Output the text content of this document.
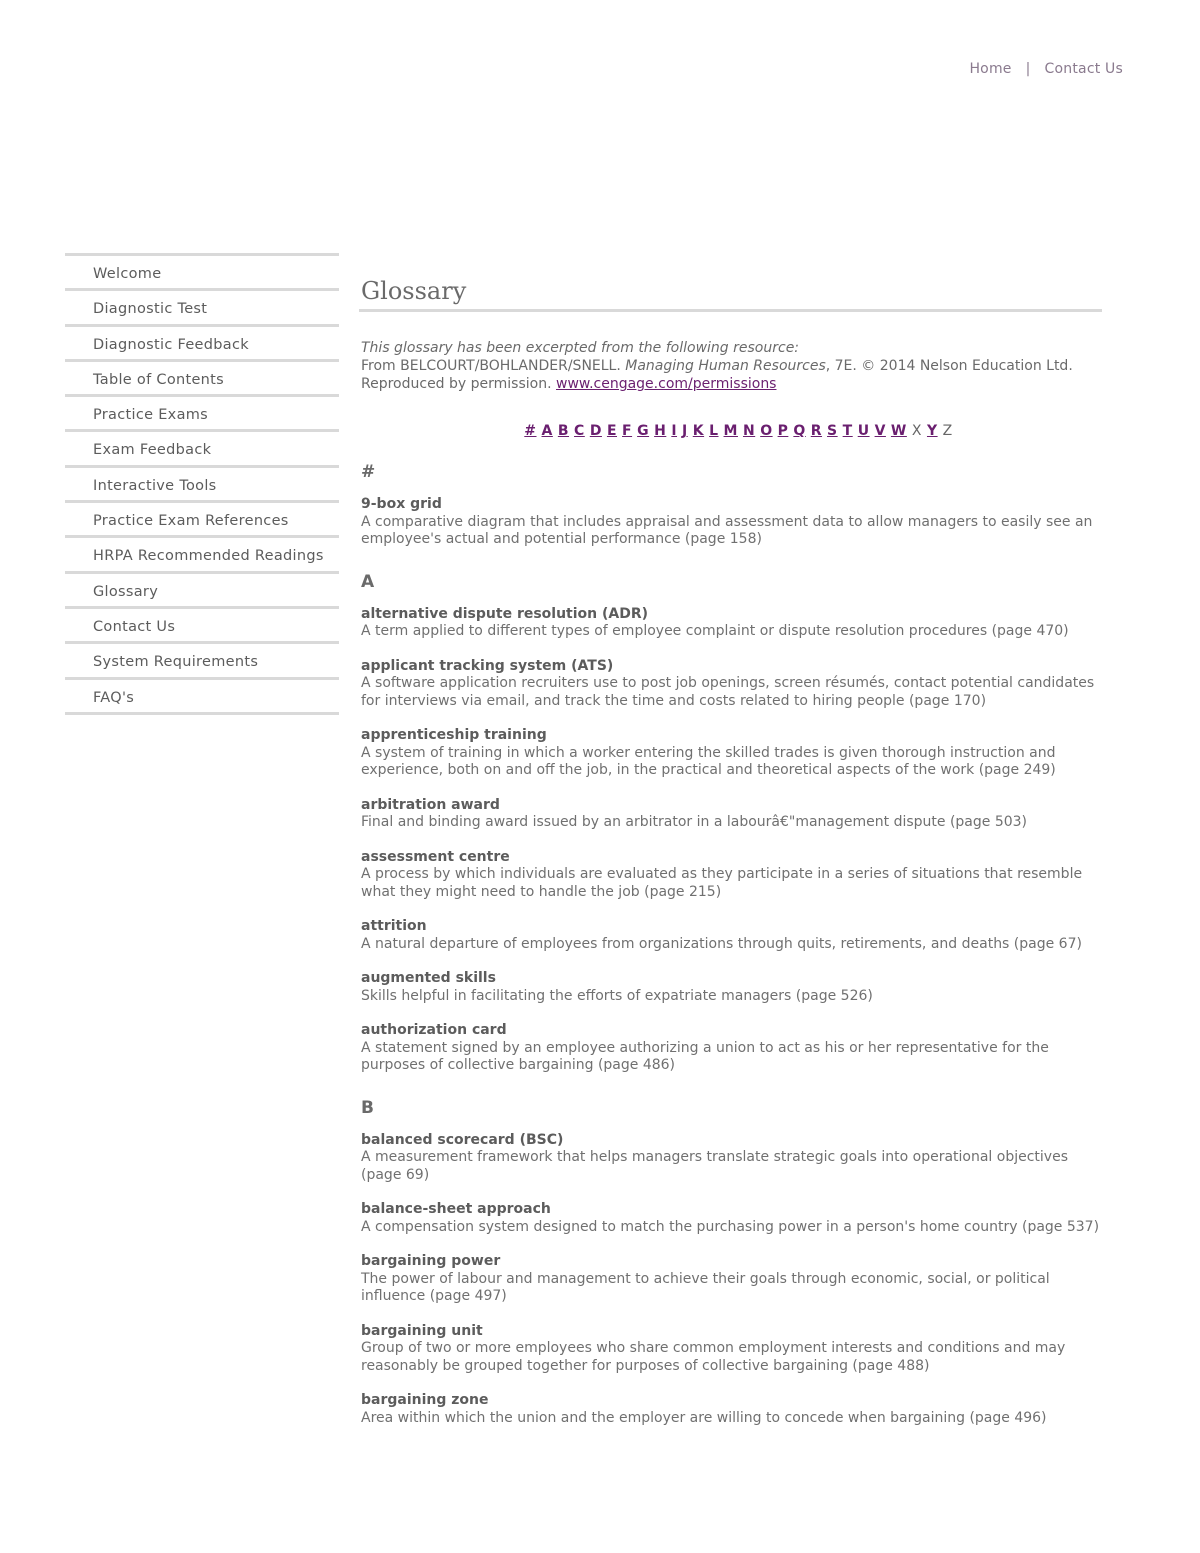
Home | Contact Us
Welcome
Diagnostic Test
Diagnostic Feedback
Table of Contents
Practice Exams
Exam Feedback
Interactive Tools
Practice Exam References
HRPA Recommended Readings
Glossary
Contact Us
System Requirements
FAQ's
Glossary
This glossary has been excerpted from the following resource:
From BELCOURT/BOHLANDER/SNELL. Managing Human Resources, 7E. © 2014 Nelson Education Ltd. Reproduced by permission. www.cengage.com/permissions
# A B C D E F G H I J K L M N O P Q R S T U V W X Y Z
#
9-box grid
A comparative diagram that includes appraisal and assessment data to allow managers to easily see an employee's actual and potential performance (page 158)
A
alternative dispute resolution (ADR)
A term applied to different types of employee complaint or dispute resolution procedures (page 470)
applicant tracking system (ATS)
A software application recruiters use to post job openings, screen résumés, contact potential candidates for interviews via email, and track the time and costs related to hiring people (page 170)
apprenticeship training
A system of training in which a worker entering the skilled trades is given thorough instruction and experience, both on and off the job, in the practical and theoretical aspects of the work (page 249)
arbitration award
Final and binding award issued by an arbitrator in a labourâ€"management dispute (page 503)
assessment centre
A process by which individuals are evaluated as they participate in a series of situations that resemble what they might need to handle the job (page 215)
attrition
A natural departure of employees from organizations through quits, retirements, and deaths (page 67)
augmented skills
Skills helpful in facilitating the efforts of expatriate managers (page 526)
authorization card
A statement signed by an employee authorizing a union to act as his or her representative for the purposes of collective bargaining (page 486)
B
balanced scorecard (BSC)
A measurement framework that helps managers translate strategic goals into operational objectives (page 69)
balance-sheet approach
A compensation system designed to match the purchasing power in a person's home country (page 537)
bargaining power
The power of labour and management to achieve their goals through economic, social, or political influence (page 497)
bargaining unit
Group of two or more employees who share common employment interests and conditions and may reasonably be grouped together for purposes of collective bargaining (page 488)
bargaining zone
Area within which the union and the employer are willing to concede when bargaining (page 496)
